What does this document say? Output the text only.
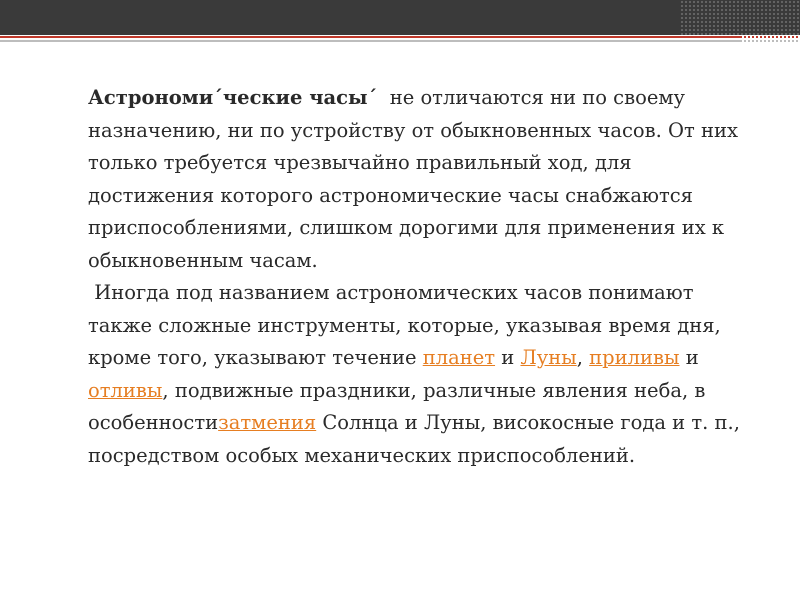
Астрономи´ческие часы´ не отличаются ни по своему назначению, ни по устройству от обыкновенных часов. От них только требуется чрезвычайно правильный ход, для достижения которого астрономические часы снабжаются приспособлениями, слишком дорогими для применения их к обыкновенным часам.

Иногда под названием астрономических часов понимают также сложные инструменты, которые, указывая время дня, кроме того, указывают течение планет и Луны, приливы и отливы, подвижные праздники, различные явления неба, в особенностизатмения Солнца и Луны, високосные года и т. п., посредством особых механических приспособлений.
